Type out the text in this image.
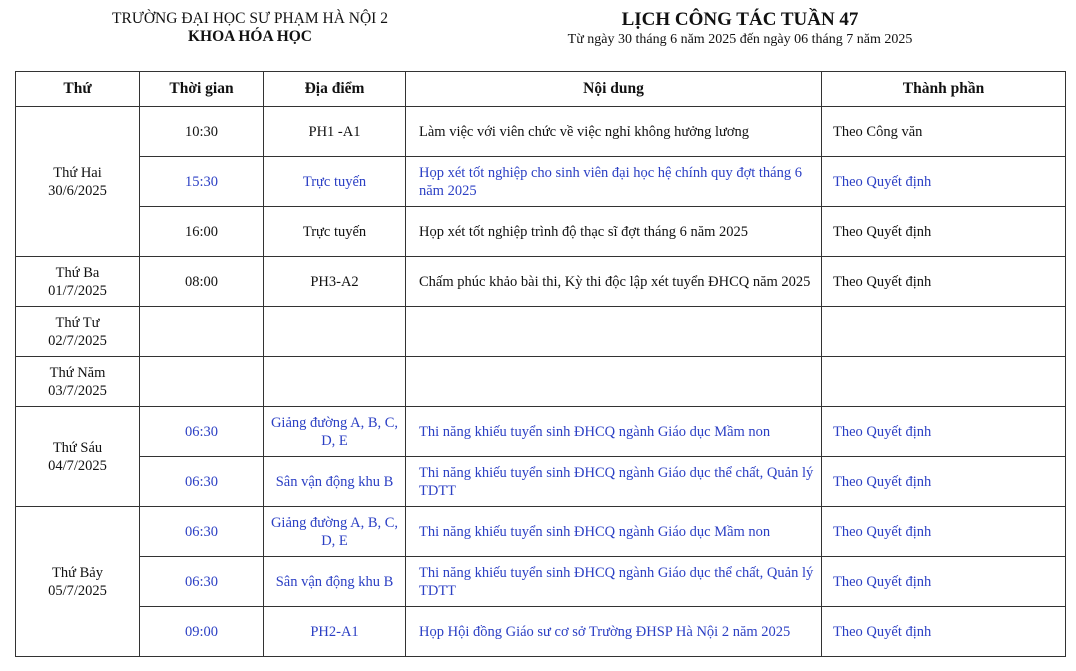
TRƯỜNG ĐẠI HỌC SƯ PHẠM HÀ NỘI 2
KHOA HÓA HỌC
LỊCH CÔNG TÁC TUẦN 47
Từ ngày 30 tháng 6 năm 2025 đến ngày 06 tháng 7 năm 2025
Thứ	Thời gian	Địa điểm	Nội dung	Thành phần

Thứ Hai
30/6/2025	10:30	PH1 -A1	Làm việc với viên chức về việc nghỉ không hưởng lương	Theo Công văn
	15:30	Trực tuyến	Họp xét tốt nghiệp cho sinh viên đại học hệ chính quy đợt tháng 6 năm 2025	Theo Quyết định
	16:00	Trực tuyến	Họp xét tốt nghiệp trình độ thạc sĩ đợt tháng 6 năm 2025	Theo Quyết định

Thứ Ba
01/7/2025	08:00	PH3-A2	Chấm phúc khảo bài thi, Kỳ thi độc lập xét tuyển ĐHCQ năm 2025	Theo Quyết định

Thứ Tư
02/7/2025				

Thứ Năm
03/7/2025				

Thứ Sáu
04/7/2025	06:30	Giảng đường A, B, C, D, E	Thi năng khiếu tuyển sinh ĐHCQ ngành Giáo dục Mầm non	Theo Quyết định
	06:30	Sân vận động khu B	Thi năng khiếu tuyển sinh ĐHCQ ngành Giáo dục thể chất, Quản lý TDTT	Theo Quyết định

Thứ Bảy
05/7/2025	06:30	Giảng đường A, B, C, D, E	Thi năng khiếu tuyển sinh ĐHCQ ngành Giáo dục Mầm non	Theo Quyết định
	06:30	Sân vận động khu B	Thi năng khiếu tuyển sinh ĐHCQ ngành Giáo dục thể chất, Quản lý TDTT	Theo Quyết định
	09:00	PH2-A1	Họp Hội đồng Giáo sư cơ sở Trường ĐHSP Hà Nội 2 năm 2025	Theo Quyết định
